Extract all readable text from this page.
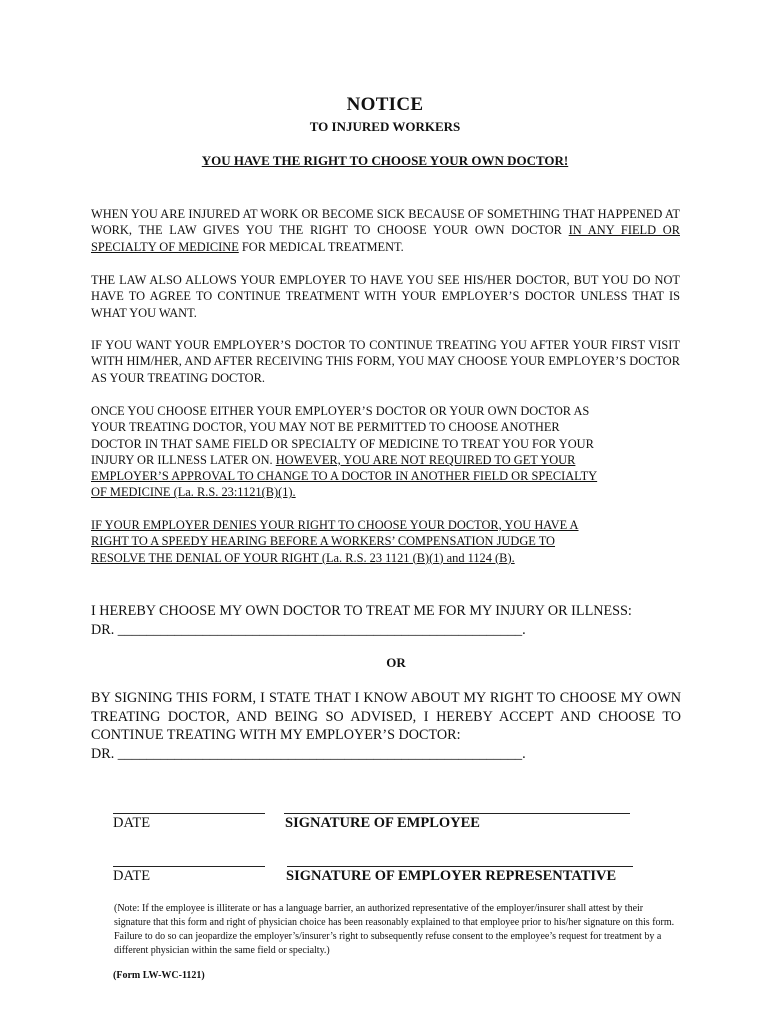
NOTICE
TO INJURED WORKERS
YOU HAVE THE RIGHT TO CHOOSE YOUR OWN DOCTOR!
WHEN YOU ARE INJURED AT WORK OR BECOME SICK BECAUSE OF SOMETHING THAT HAPPENED AT WORK, THE LAW GIVES YOU THE RIGHT TO CHOOSE YOUR OWN DOCTOR IN ANY FIELD OR SPECIALTY OF MEDICINE FOR MEDICAL TREATMENT.
THE LAW ALSO ALLOWS YOUR EMPLOYER TO HAVE YOU SEE HIS/HER DOCTOR, BUT YOU DO NOT HAVE TO AGREE TO CONTINUE TREATMENT WITH YOUR EMPLOYER’S DOCTOR UNLESS THAT IS WHAT YOU WANT.
IF YOU WANT YOUR EMPLOYER’S DOCTOR TO CONTINUE TREATING YOU AFTER YOUR FIRST VISIT WITH HIM/HER, AND AFTER RECEIVING THIS FORM, YOU MAY CHOOSE YOUR EMPLOYER’S DOCTOR AS YOUR TREATING DOCTOR.
ONCE YOU CHOOSE EITHER YOUR EMPLOYER’S DOCTOR OR YOUR OWN DOCTOR AS
YOUR TREATING DOCTOR, YOU MAY NOT BE PERMITTED TO CHOOSE ANOTHER
DOCTOR IN THAT SAME FIELD OR SPECIALTY OF MEDICINE TO TREAT YOU FOR YOUR
INJURY OR ILLNESS LATER ON. HOWEVER, YOU ARE NOT REQUIRED TO GET YOUR
EMPLOYER’S APPROVAL TO CHANGE TO A DOCTOR IN ANOTHER FIELD OR SPECIALTY
OF MEDICINE (La. R.S. 23:1121(B)(1).
IF YOUR EMPLOYER DENIES YOUR RIGHT TO CHOOSE YOUR DOCTOR, YOU HAVE A
RIGHT TO A SPEEDY HEARING BEFORE A WORKERS’ COMPENSATION JUDGE TO
RESOLVE THE DENIAL OF YOUR RIGHT (La. R.S. 23 1121 (B)(1) and 1124 (B).
I HEREBY CHOOSE MY OWN DOCTOR TO TREAT ME FOR MY INJURY OR ILLNESS:
DR. _________________________________________________________.
OR
BY SIGNING THIS FORM, I STATE THAT I KNOW ABOUT MY RIGHT TO CHOOSE MY OWN TREATING DOCTOR, AND BEING SO ADVISED, I HEREBY ACCEPT AND CHOOSE TO CONTINUE TREATING WITH MY EMPLOYER’S DOCTOR:
DR. _________________________________________________________.
DATE	SIGNATURE OF EMPLOYEE
DATE	SIGNATURE OF EMPLOYER REPRESENTATIVE
(Note: If the employee is illiterate or has a language barrier, an authorized representative of the employer/insurer shall attest by their signature that this form and right of physician choice has been reasonably explained to that employee prior to his/her signature on this form. Failure to do so can jeopardize the employer’s/insurer’s right to subsequently refuse consent to the employee’s request for treatment by a different physician within the same field or specialty.)
(Form LW-WC-1121)
